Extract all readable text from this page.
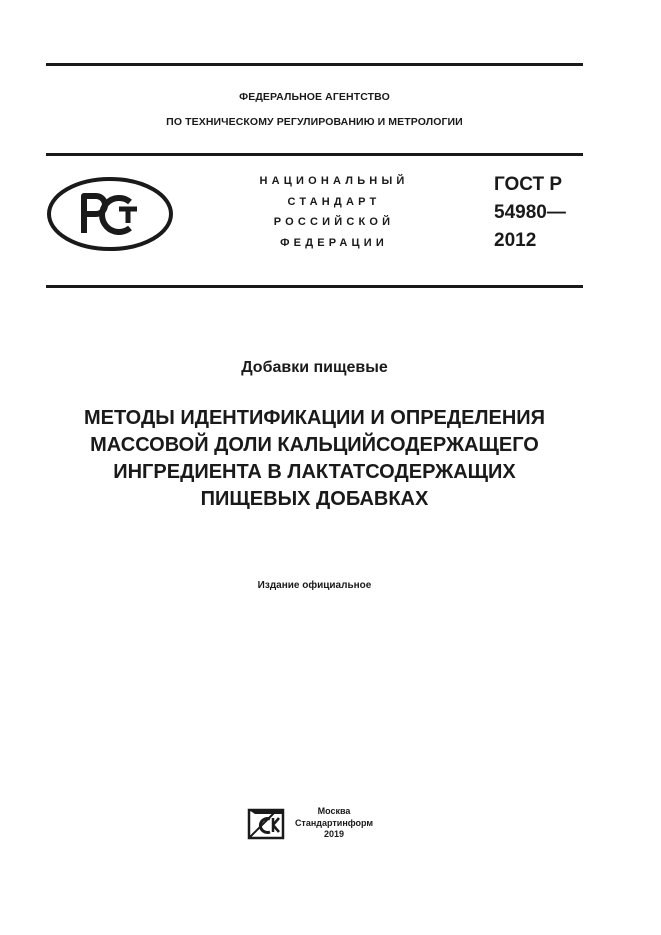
ФЕДЕРАЛЬНОЕ АГЕНТСТВО
ПО ТЕХНИЧЕСКОМУ РЕГУЛИРОВАНИЮ И МЕТРОЛОГИИ
НАЦИОНАЛЬНЫЙ
СТАНДАРТ
РОССИЙСКОЙ
ФЕДЕРАЦИИ
ГОСТ Р
54980—
2012
Добавки пищевые
МЕТОДЫ ИДЕНТИФИКАЦИИ И ОПРЕДЕЛЕНИЯ
МАССОВОЙ ДОЛИ КАЛЬЦИЙСОДЕРЖАЩЕГО
ИНГРЕДИЕНТА В ЛАКТАТСОДЕРЖАЩИХ
ПИЩЕВЫХ ДОБАВКАХ
Издание официальное
Москва
Стандартинформ
2019
